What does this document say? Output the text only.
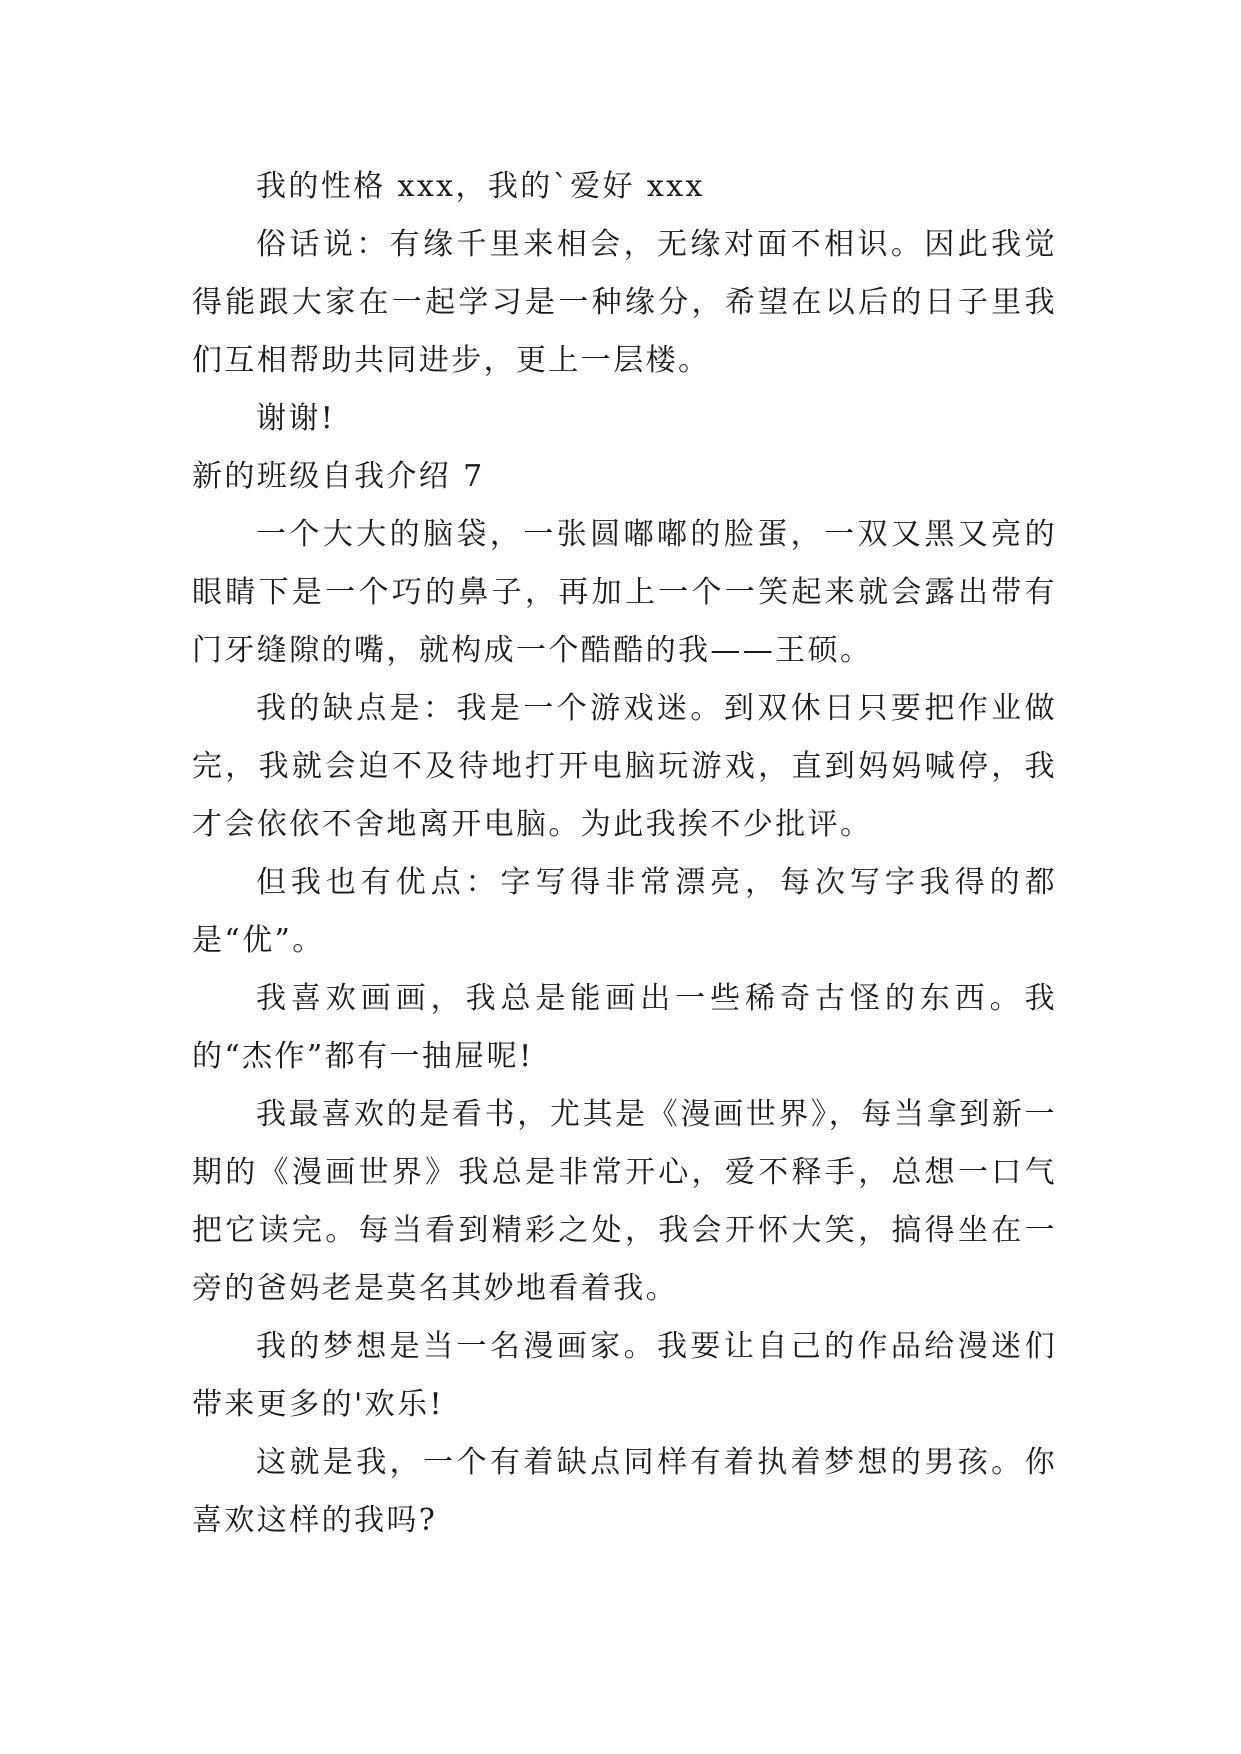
我的性格 xxx，我的`爱好 xxx

俗话说：有缘千里来相会，无缘对面不相识。因此我觉得能跟大家在一起学习是一种缘分，希望在以后的日子里我们互相帮助共同进步，更上一层楼。

谢谢!

新的班级自我介绍 7

一个大大的脑袋，一张圆嘟嘟的脸蛋，一双又黑又亮的眼睛下是一个巧的鼻子，再加上一个一笑起来就会露出带有门牙缝隙的嘴，就构成一个酷酷的我——王硕。

我的缺点是：我是一个游戏迷。到双休日只要把作业做完，我就会迫不及待地打开电脑玩游戏，直到妈妈喊停，我才会依依不舍地离开电脑。为此我挨不少批评。

但我也有优点：字写得非常漂亮，每次写字我得的都是“优”。

我喜欢画画，我总是能画出一些稀奇古怪的东西。我的“杰作”都有一抽屉呢!

我最喜欢的是看书，尤其是《漫画世界》，每当拿到新一期的《漫画世界》我总是非常开心，爱不释手，总想一口气把它读完。每当看到精彩之处，我会开怀大笑，搞得坐在一旁的爸妈老是莫名其妙地看着我。

我的梦想是当一名漫画家。我要让自己的作品给漫迷们带来更多的'欢乐!

这就是我，一个有着缺点同样有着执着梦想的男孩。你喜欢这样的我吗?
